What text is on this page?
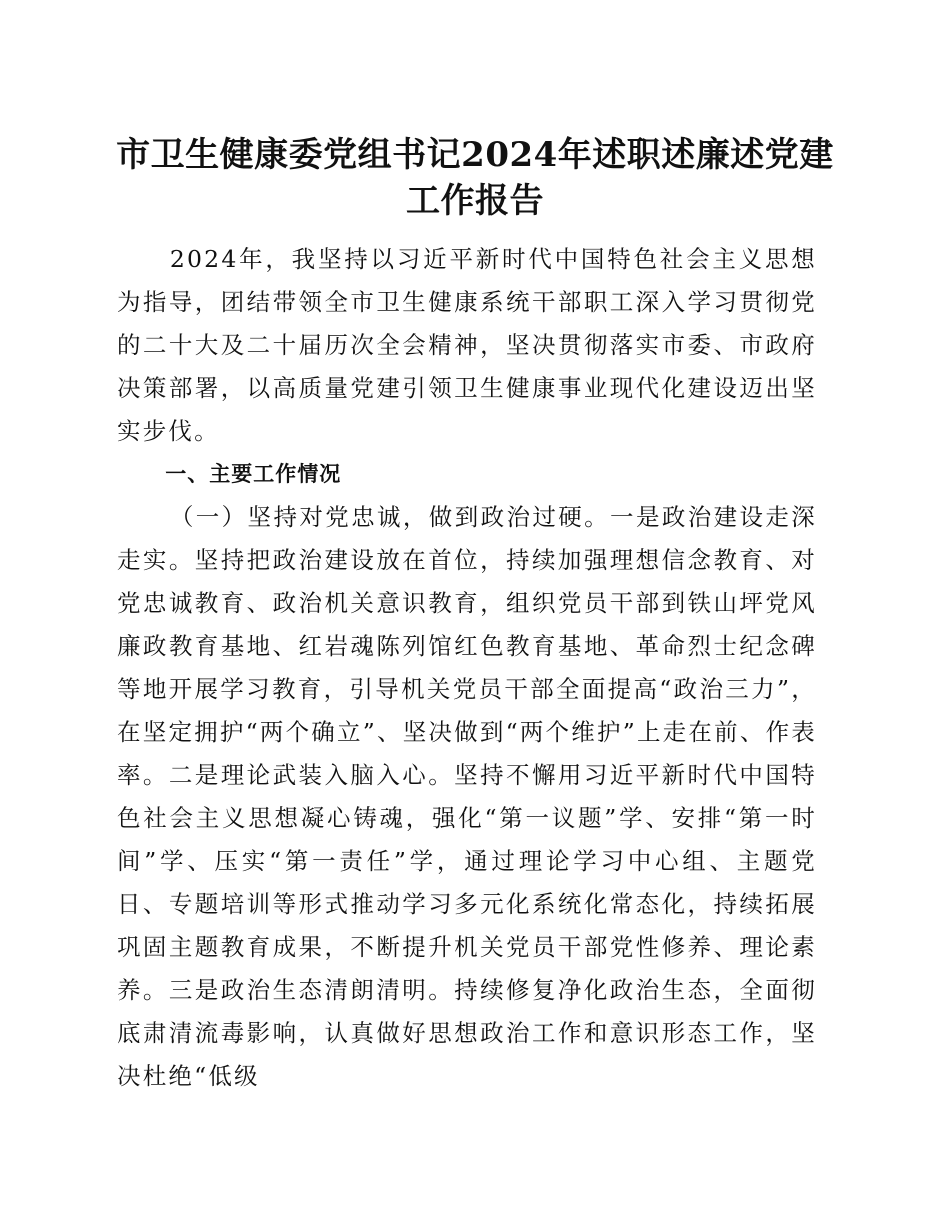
市卫生健康委党组书记2024年述职述廉述党建工作报告

2024年，我坚持以习近平新时代中国特色社会主义思想为指导，团结带领全市卫生健康系统干部职工深入学习贯彻党的二十大及二十届历次全会精神，坚决贯彻落实市委、市政府决策部署，以高质量党建引领卫生健康事业现代化建设迈出坚实步伐。

一、主要工作情况

（一）坚持对党忠诚，做到政治过硬。一是政治建设走深走实。坚持把政治建设放在首位，持续加强理想信念教育、对党忠诚教育、政治机关意识教育，组织党员干部到铁山坪党风廉政教育基地、红岩魂陈列馆红色教育基地、革命烈士纪念碑等地开展学习教育，引导机关党员干部全面提高“政治三力”，在坚定拥护“两个确立”、坚决做到“两个维护”上走在前、作表率。二是理论武装入脑入心。坚持不懈用习近平新时代中国特色社会主义思想凝心铸魂，强化“第一议题”学、安排“第一时间”学、压实“第一责任”学，通过理论学习中心组、主题党日、专题培训等形式推动学习多元化系统化常态化，持续拓展巩固主题教育成果，不断提升机关党员干部党性修养、理论素养。三是政治生态清朗清明。持续修复净化政治生态，全面彻底肃清流毒影响，认真做好思想政治工作和意识形态工作，坚决杜绝“低级
